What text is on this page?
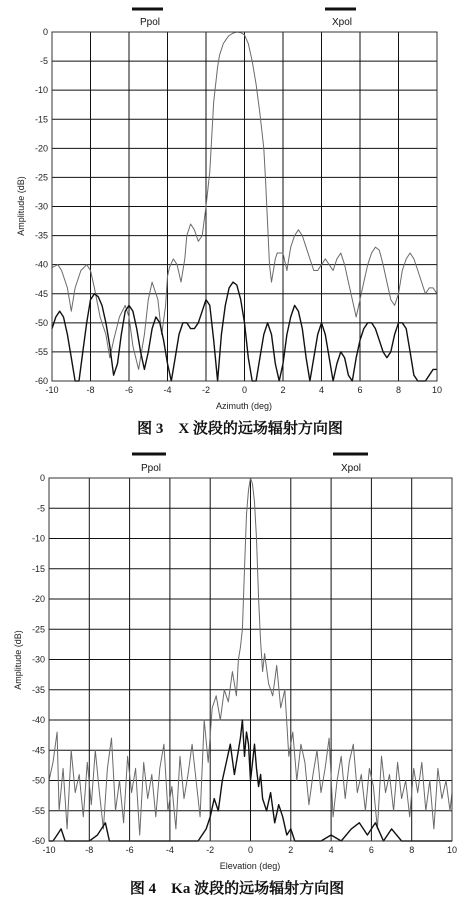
Ppol	Xpol
0
-5
-10
-15
-20
-25
-30
-35
-40
-45
-50
-55
-60
-10	-8	-6	-4	-2	0	2	4	6	8	10
Azimuth (deg)
Amplitude (dB)
图 3　X 波段的远场辐射方向图
Ppol	Xpol
0
-5
-10
-15
-20
-25
-30
-35
-40
-45
-50
-55
-60
-10	-8	-6	-4	-2	0	2	4	6	8	10
Elevation (deg)
Amplitude (dB)
图 4　Ka 波段的远场辐射方向图
